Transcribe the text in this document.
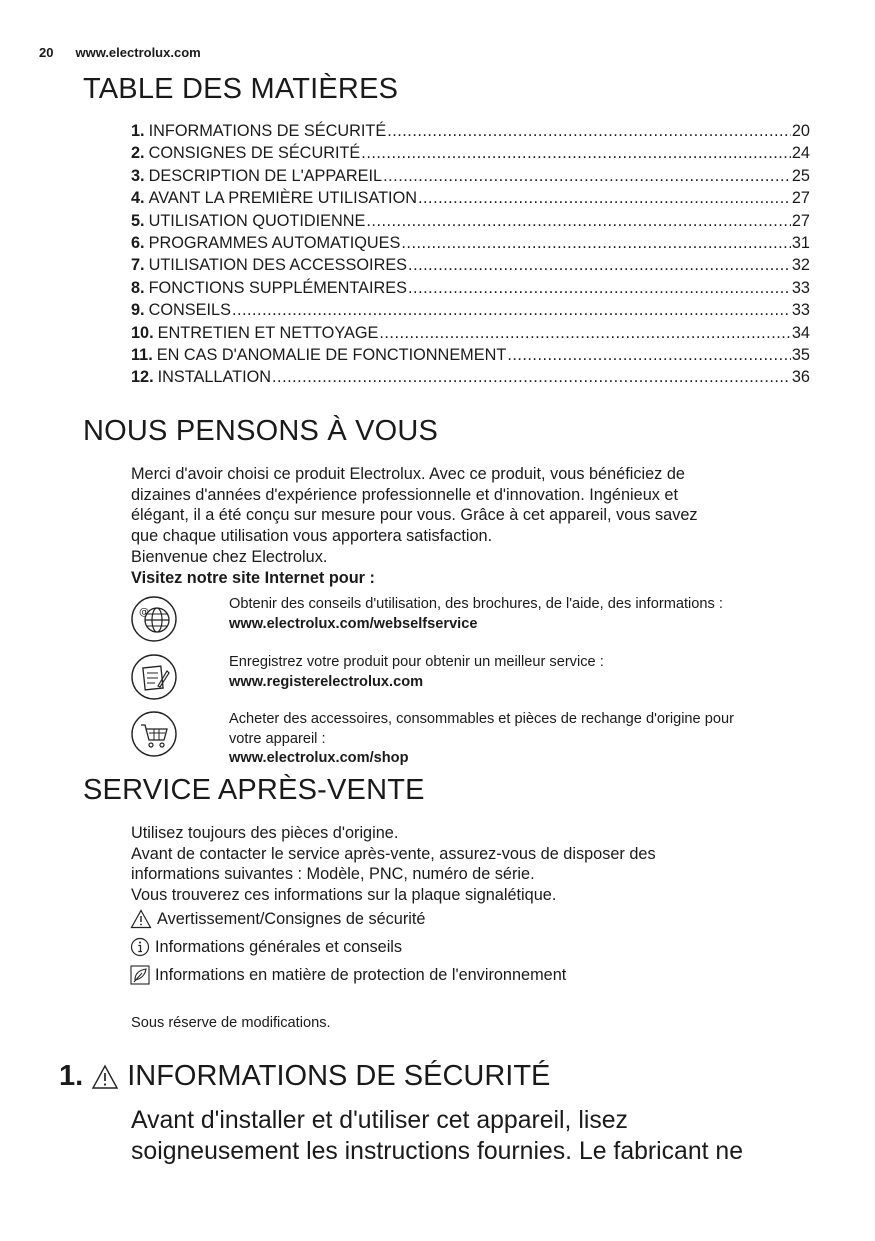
20 www.electrolux.com
TABLE DES MATIÈRES
1. INFORMATIONS DE SÉCURITÉ .....	20
2. CONSIGNES DE SÉCURITÉ .....	24
3. DESCRIPTION DE L'APPAREIL .....	25
4. AVANT LA PREMIÈRE UTILISATION .....	27
5. UTILISATION QUOTIDIENNE .....	27
6. PROGRAMMES AUTOMATIQUES .....	31
7. UTILISATION DES ACCESSOIRES .....	32
8. FONCTIONS SUPPLÉMENTAIRES .....	33
9. CONSEILS .....	33
10. ENTRETIEN ET NETTOYAGE .....	34
11. EN CAS D'ANOMALIE DE FONCTIONNEMENT .....	35
12. INSTALLATION .....	36
NOUS PENSONS À VOUS
Merci d'avoir choisi ce produit Electrolux. Avec ce produit, vous bénéficiez de
dizaines d'années d'expérience professionnelle et d'innovation. Ingénieux et
élégant, il a été conçu sur mesure pour vous. Grâce à cet appareil, vous savez
que chaque utilisation vous apportera satisfaction.
Bienvenue chez Electrolux.
Visitez notre site Internet pour :
@
Obtenir des conseils d'utilisation, des brochures, de l'aide, des informations :
www.electrolux.com/webselfservice
Enregistrez votre produit pour obtenir un meilleur service :
www.registerelectrolux.com
Acheter des accessoires, consommables et pièces de rechange d'origine pour
votre appareil :
www.electrolux.com/shop
SERVICE APRÈS-VENTE
Utilisez toujours des pièces d'origine.
Avant de contacter le service après-vente, assurez-vous de disposer des
informations suivantes : Modèle, PNC, numéro de série.
Vous trouverez ces informations sur la plaque signalétique.
Avertissement/Consignes de sécurité
Informations générales et conseils
Informations en matière de protection de l'environnement
Sous réserve de modifications.
1. INFORMATIONS DE SÉCURITÉ
Avant d'installer et d'utiliser cet appareil, lisez
soigneusement les instructions fournies. Le fabricant ne
